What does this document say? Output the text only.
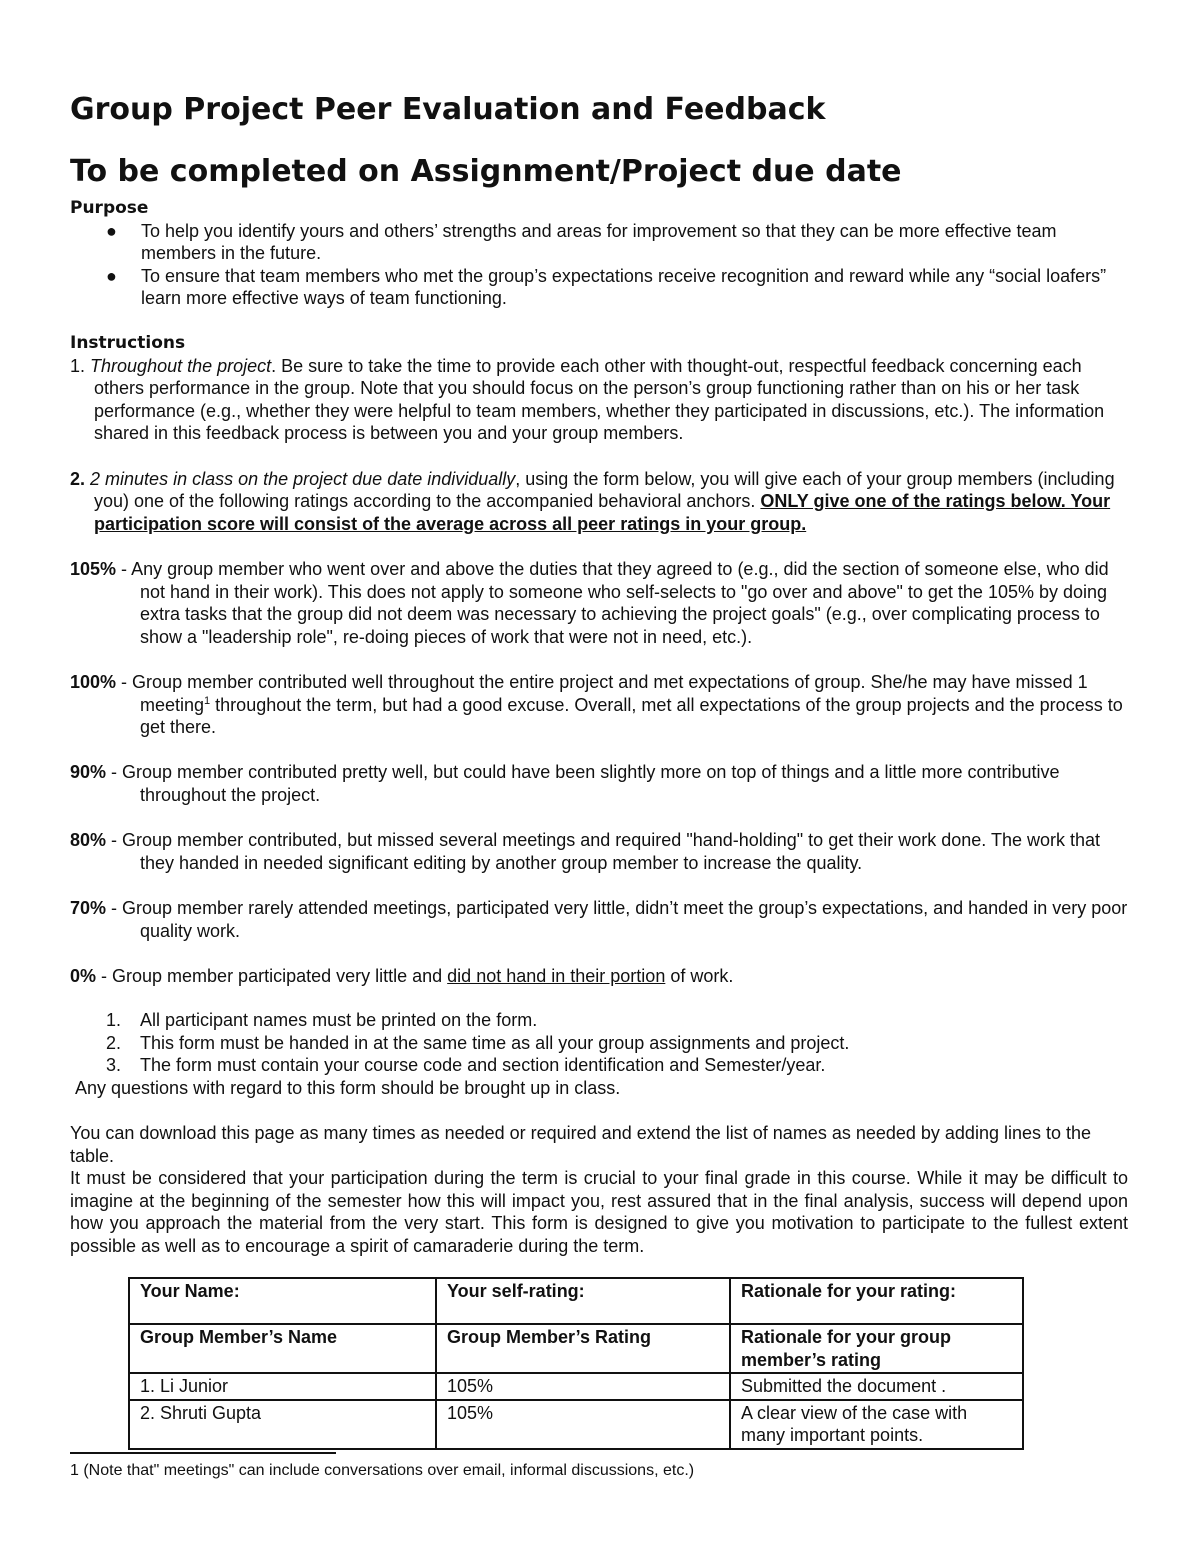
Group Project Peer Evaluation and Feedback
To be completed on Assignment/Project due date
Purpose
● To help you identify yours and others’ strengths and areas for improvement so that they can be more effective team members in the future.
● To ensure that team members who met the group’s expectations receive recognition and reward while any “social loafers” learn more effective ways of team functioning.
Instructions
1. Throughout the project. Be sure to take the time to provide each other with thought-out, respectful feedback concerning each others performance in the group. Note that you should focus on the person’s group functioning rather than on his or her task performance (e.g., whether they were helpful to team members, whether they participated in discussions, etc.). The information shared in this feedback process is between you and your group members.
2. 2 minutes in class on the project due date individually, using the form below, you will give each of your group members (including you) one of the following ratings according to the accompanied behavioral anchors. ONLY give one of the ratings below. Your participation score will consist of the average across all peer ratings in your group.
105% - Any group member who went over and above the duties that they agreed to (e.g., did the section of someone else, who did not hand in their work). This does not apply to someone who self-selects to "go over and above" to get the 105% by doing extra tasks that the group did not deem was necessary to achieving the project goals" (e.g., over complicating process to show a "leadership role", re-doing pieces of work that were not in need, etc.).
100% - Group member contributed well throughout the entire project and met expectations of group. She/he may have missed 1 meeting$^1$ throughout the term, but had a good excuse. Overall, met all expectations of the group projects and the process to get there.
90% - Group member contributed pretty well, but could have been slightly more on top of things and a little more contributive throughout the project.
80% - Group member contributed, but missed several meetings and required "hand-holding" to get their work done. The work that they handed in needed significant editing by another group member to increase the quality.
70% - Group member rarely attended meetings, participated very little, didn’t meet the group’s expectations, and handed in very poor quality work.
0% - Group member participated very little and did not hand in their portion of work.
1. All participant names must be printed on the form.
2. This form must be handed in at the same time as all your group assignments and project.
3. The form must contain your course code and section identification and Semester/year.
Any questions with regard to this form should be brought up in class.
You can download this page as many times as needed or required and extend the list of names as needed by adding lines to the table.
It must be considered that your participation during the term is crucial to your final grade in this course. While it may be difficult to imagine at the beginning of the semester how this will impact you, rest assured that in the final analysis, success will depend upon how you approach the material from the very start. This form is designed to give you motivation to participate to the fullest extent possible as well as to encourage a spirit of camaraderie during the term.
Your Name:	Your self-rating:	Rationale for your rating:
Group Member’s Name	Group Member’s Rating	Rationale for your group member’s rating
1. Li Junior	105%	Submitted the document .
2. Shruti Gupta	105%	A clear view of the case with many important points.
1 (Note that" meetings" can include conversations over email, informal discussions, etc.)
